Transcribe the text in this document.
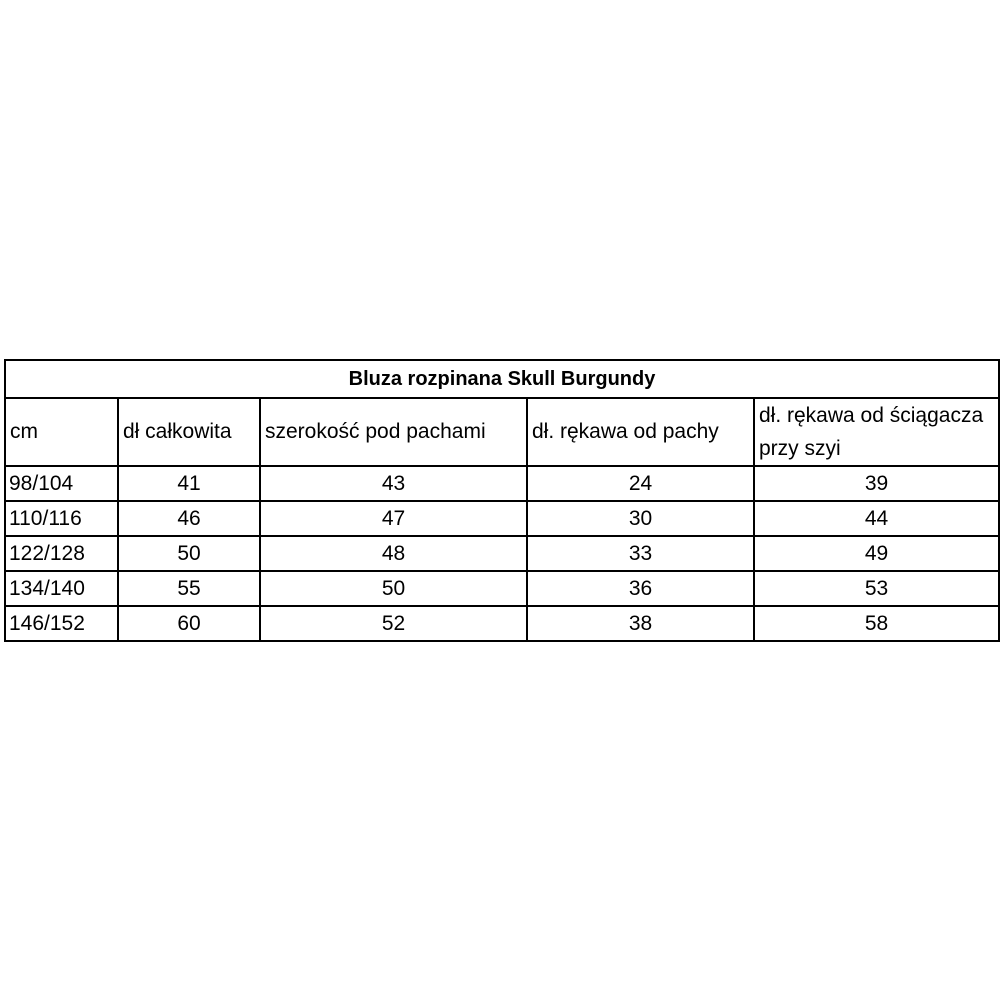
Bluza rozpinana Skull Burgundy				
cm	dł całkowita	szerokość pod pachami	dł. rękawa od pachy	dł. rękawa od ściągacza przy szyi
98/104	41	43	24	39
110/116	46	47	30	44
122/128	50	48	33	49
134/140	55	50	36	53
146/152	60	52	38	58
